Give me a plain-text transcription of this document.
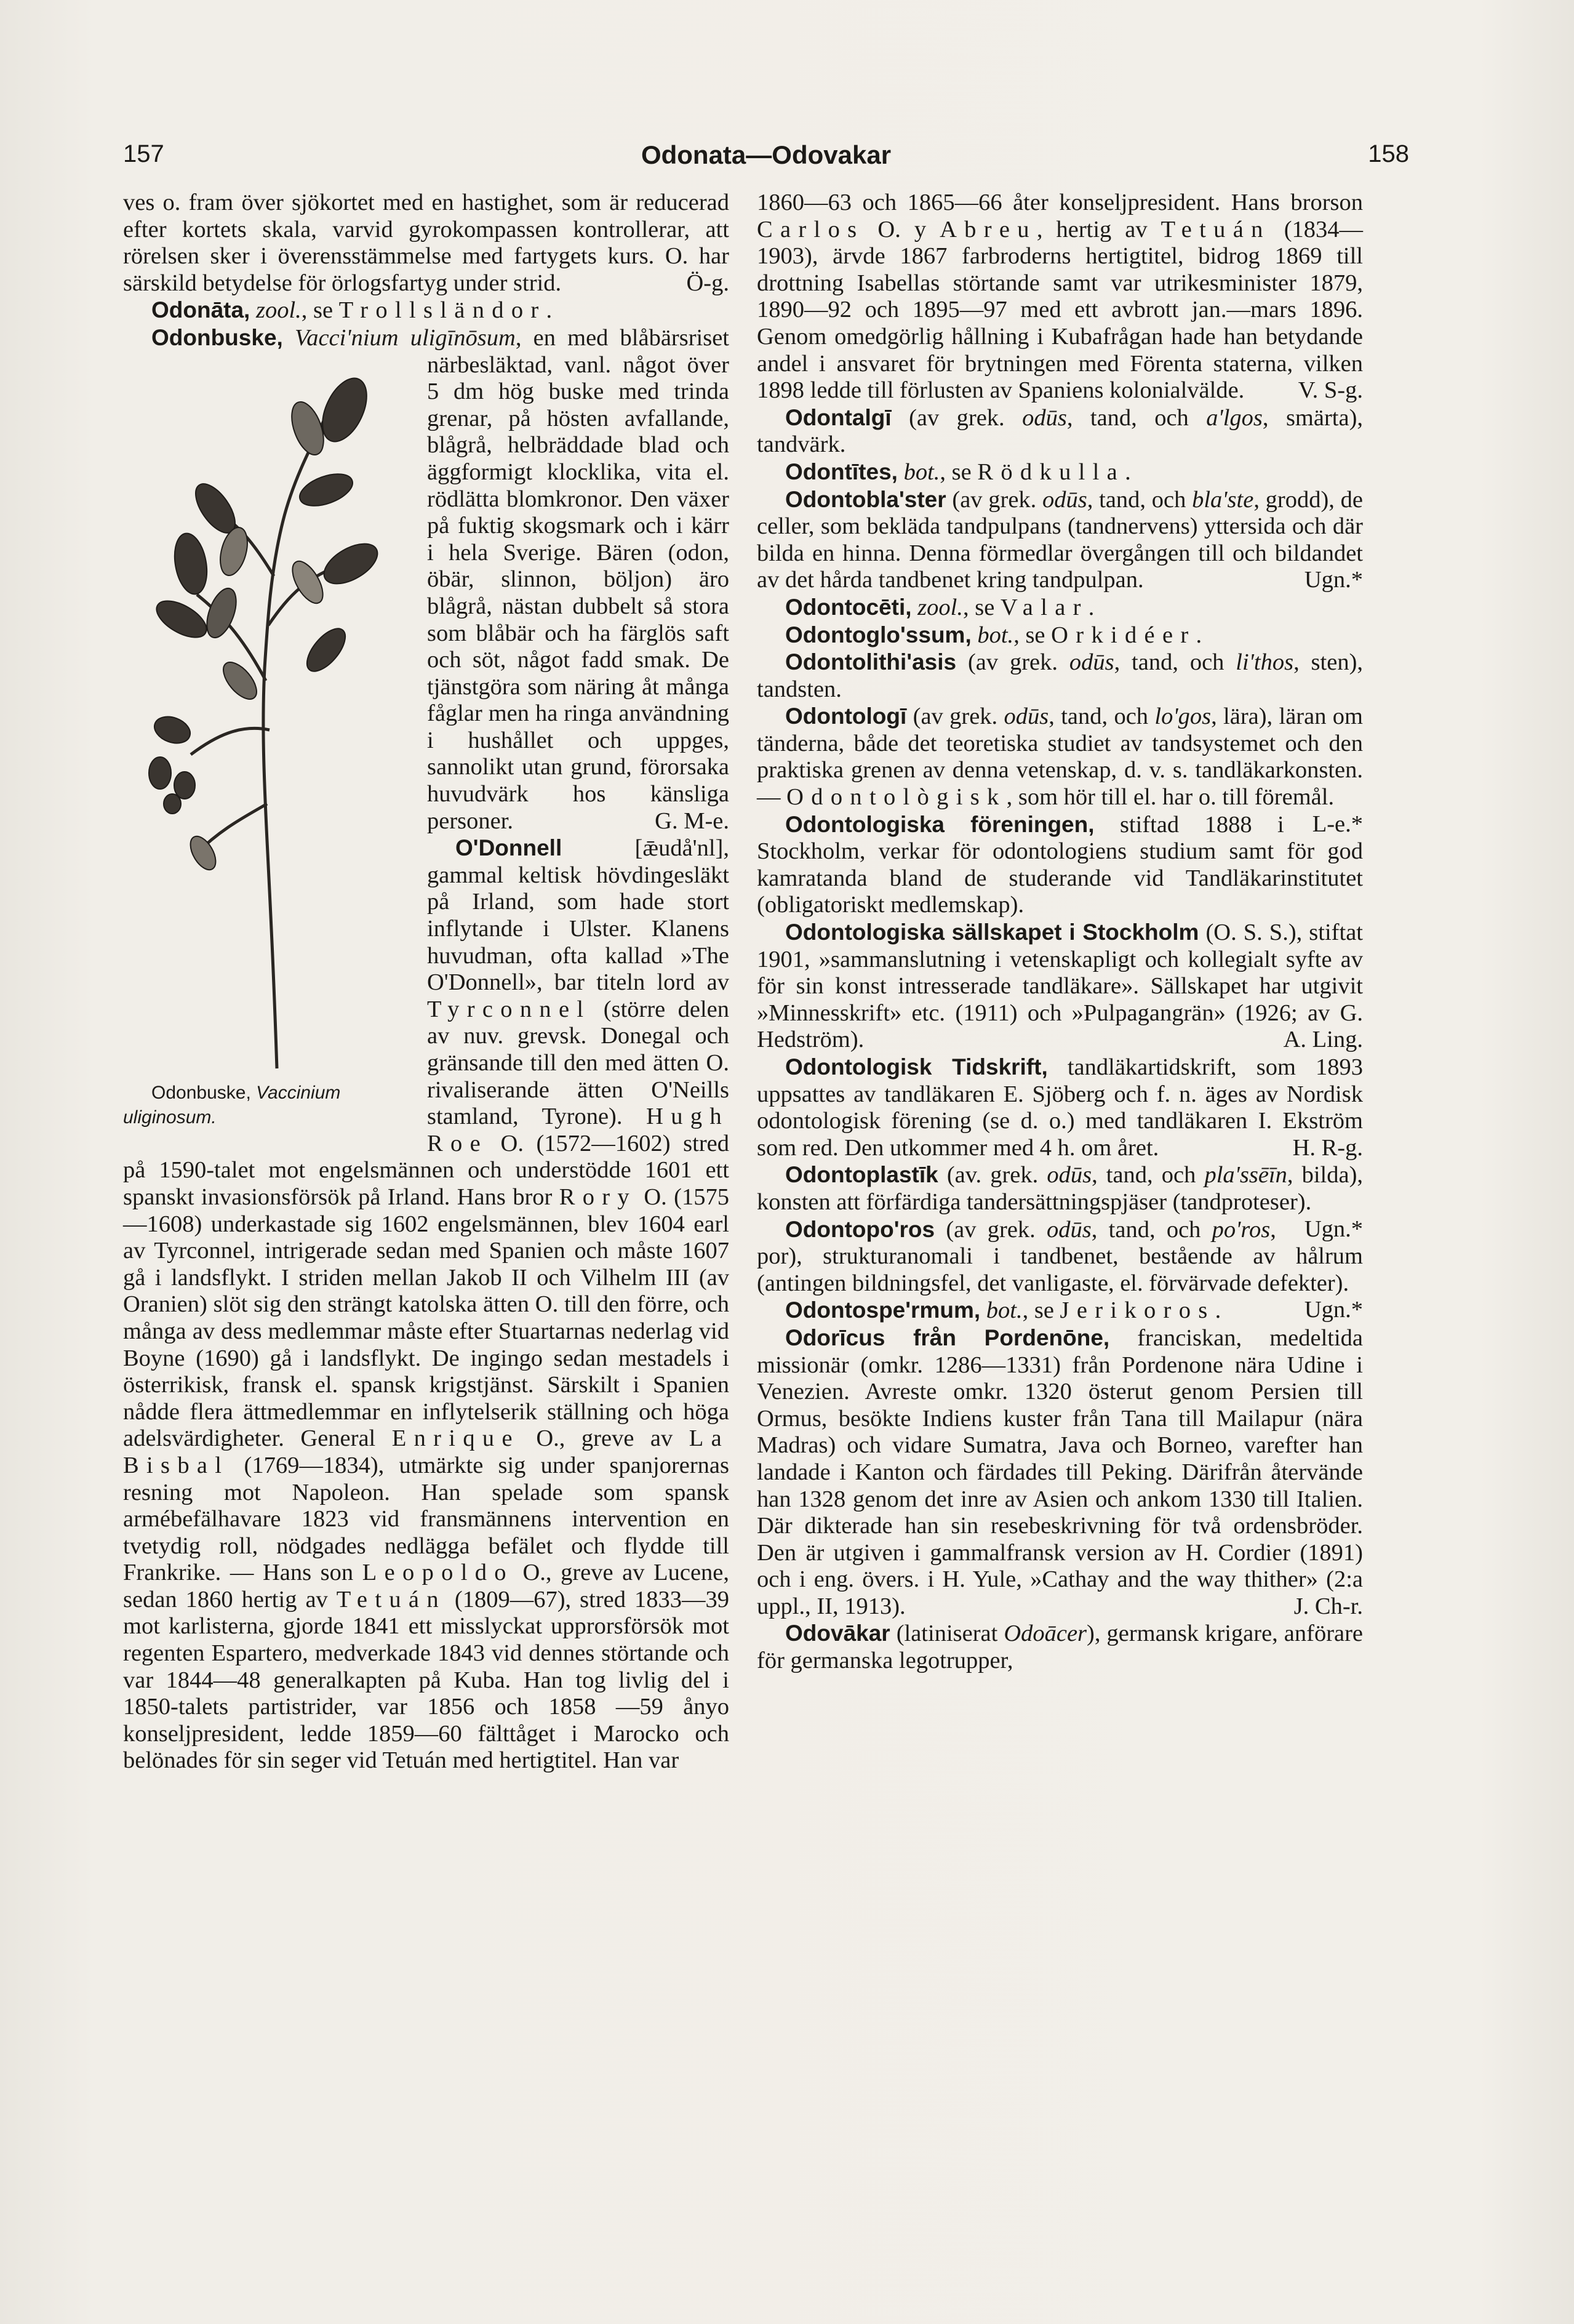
157	Odonata—Odovakar	158

ves o. fram över sjökortet med en hastighet, som är reducerad efter kortets skala, varvid gyrokompassen kontrollerar, att rörelsen sker i överensstämmelse med fartygets kurs. O. har särskild betydelse för örlogsfartyg under strid.	Ö-g.

Odonāta, zool., se Trollsländor.

Odonbuske, Vacci'nium uligīnōsum
Odonbuske, Vaccinium uliginosum.
, en med blåbärsriset närbesläktad, vanl. något över 5 dm hög buske med trinda grenar, på hösten avfallande, blågrå, helbräddade blad och äggformigt klocklika, vita el. rödlätta blomkronor. Den växer på fuktig skogsmark och i kärr i hela Sverige. Bären (odon, öbär, slinnon, böljon) äro blågrå, nästan dubbelt så stora som blåbär och ha färglös saft och söt, något fadd smak. De tjänstgöra som näring åt många fåglar men ha ringa användning i hushållet och uppges, sannolikt utan grund, förorsaka huvudvärk hos känsliga personer.	G. M-e.

O'Donnell	[ǣudå'nl], gammal keltisk hövdingesläkt på Irland, som hade stort inflytande i Ulster. Klanens huvudman, ofta kallad »The O'Donnell», bar titeln lord av Tyrconnel (större delen av nuv. grevsk. Donegal och gränsande till den med ätten O. rivaliserande ätten O'Neills stamland, Tyrone). Hugh Roe O. (1572—1602) stred på 1590-talet mot engelsmännen och understödde 1601 ett spanskt invasionsförsök på Irland. Hans bror Rory O. (1575—1608) underkastade sig 1602 engelsmännen, blev 1604 earl av Tyrconnel, intrigerade sedan med Spanien och måste 1607 gå i landsflykt. I striden mellan Jakob II och Vilhelm III (av Oranien) slöt sig den strängt katolska ätten O. till den förre, och många av dess medlemmar måste efter Stuartarnas nederlag vid Boyne (1690) gå i landsflykt. De ingingo sedan mestadels i österrikisk, fransk el. spansk krigstjänst. Särskilt i Spanien nådde flera ättmedlemmar en inflytelserik ställning och höga adelsvärdigheter. General Enrique O., greve av La Bisbal (1769—1834), utmärkte sig under spanjorernas resning mot Napoleon. Han spelade som spansk armébefälhavare 1823 vid fransmännens intervention en tvetydig roll, nödgades nedlägga befälet och flydde till Frankrike. — Hans son Leopoldo O., greve av Lucene, sedan 1860 hertig av Tetuán (1809—67), stred 1833—39 mot karlisterna, gjorde 1841 ett misslyckat upprorsförsök mot regenten Espartero, medverkade 1843 vid dennes störtande och var 1844—48 generalkapten på Kuba. Han tog livlig del i 1850-talets partistrider, var 1856 och 1858 —59 ånyo konseljpresident, ledde 1859—60 fälttåget i Marocko och belönades för sin seger vid Tetuán med hertigtitel. Han var

1860—63 och 1865—66 åter konseljpresident. Hans brorson Carlos O. y Abreu, hertig av Tetuán (1834—1903), ärvde 1867 farbroderns hertigtitel, bidrog 1869 till drottning Isabellas störtande samt var utrikesminister 1879, 1890—92 och 1895—97 med ett avbrott jan.—mars 1896. Genom omedgörlig hållning i Kubafrågan hade han betydande andel i ansvaret för brytningen med Förenta staterna, vilken 1898 ledde till förlusten av Spaniens kolonialvälde. V. S-g.

Odontalgī (av grek. odūs, tand, och a'lgos, smärta), tandvärk.

Odontītes, bot., se Rödkulla.

Odontobla'ster (av grek. odūs, tand, och bla'ste, grodd), de celler, som bekläda tandpulpans (tandnervens) yttersida och där bilda en hinna. Denna förmedlar övergången till och bildandet av det hårda tandbenet kring tandpulpan.	Ugn.*

Odontocēti, zool., se Valar.

Odontoglo'ssum, bot., se Orkidéer.

Odontolithi'asis (av grek. odūs, tand, och li'thos, sten), tandsten.

Odontologī (av grek. odūs, tand, och lo'gos, lära), läran om tänderna, både det teoretiska studiet av tandsystemet och den praktiska grenen av denna vetenskap, d. v. s. tandläkarkonsten. — Odontològisk, som hör till el. har o. till föremål.
L-e.*

Odontologiska föreningen, stiftad 1888 i Stockholm, verkar för odontologiens studium samt för god kamratanda bland de studerande vid Tandläkarinstitutet (obligatoriskt medlemskap).

Odontologiska sällskapet i Stockholm (O. S. S.), stiftat 1901, »sammanslutning i vetenskapligt och kollegialt syfte av för sin konst intresserade tandläkare». Sällskapet har utgivit »Minnesskrift» etc. (1911) och »Pulpagangrän» (1926; av G. Hedström).	A. Ling.

Odontologisk Tidskrift, tandläkartidskrift, som 1893 uppsattes av tandläkaren E. Sjöberg och f. n. äges av Nordisk odontologisk förening (se d. o.) med tandläkaren I. Ekström som red. Den utkommer med 4 h. om året.	H. R-g.

Odontoplastīk (av. grek. odūs, tand, och pla'ssēīn, bilda), konsten att förfärdiga tandersättningspjäser (tandproteser).
Ugn.*

Odontopo'ros (av grek. odūs, tand, och po'ros, por), strukturanomali i tandbenet, bestående av hålrum (antingen bildningsfel, det vanligaste, el. förvärvade defekter).
Ugn.*

Odontospe'rmum, bot., se Jerikoros.

Odorīcus från Pordenōne, franciskan, medeltida missionär (omkr. 1286—1331) från Pordenone nära Udine i Venezien. Avreste omkr. 1320 österut genom Persien till Ormus, besökte Indiens kuster från Tana till Mailapur (nära Madras) och vidare Sumatra, Java och Borneo, varefter han landade i Kanton och färdades till Peking. Därifrån återvände han 1328 genom det inre av Asien och ankom 1330 till Italien. Där dikterade han sin resebeskrivning för två ordensbröder. Den är utgiven i gammalfransk version av H. Cordier (1891) och i eng. övers. i H. Yule, »Cathay and the way thither» (2:a uppl., II, 1913).	J. Ch-r.

Odovākar (latiniserat Odoācer), germansk krigare, anförare för germanska legotrupper,
